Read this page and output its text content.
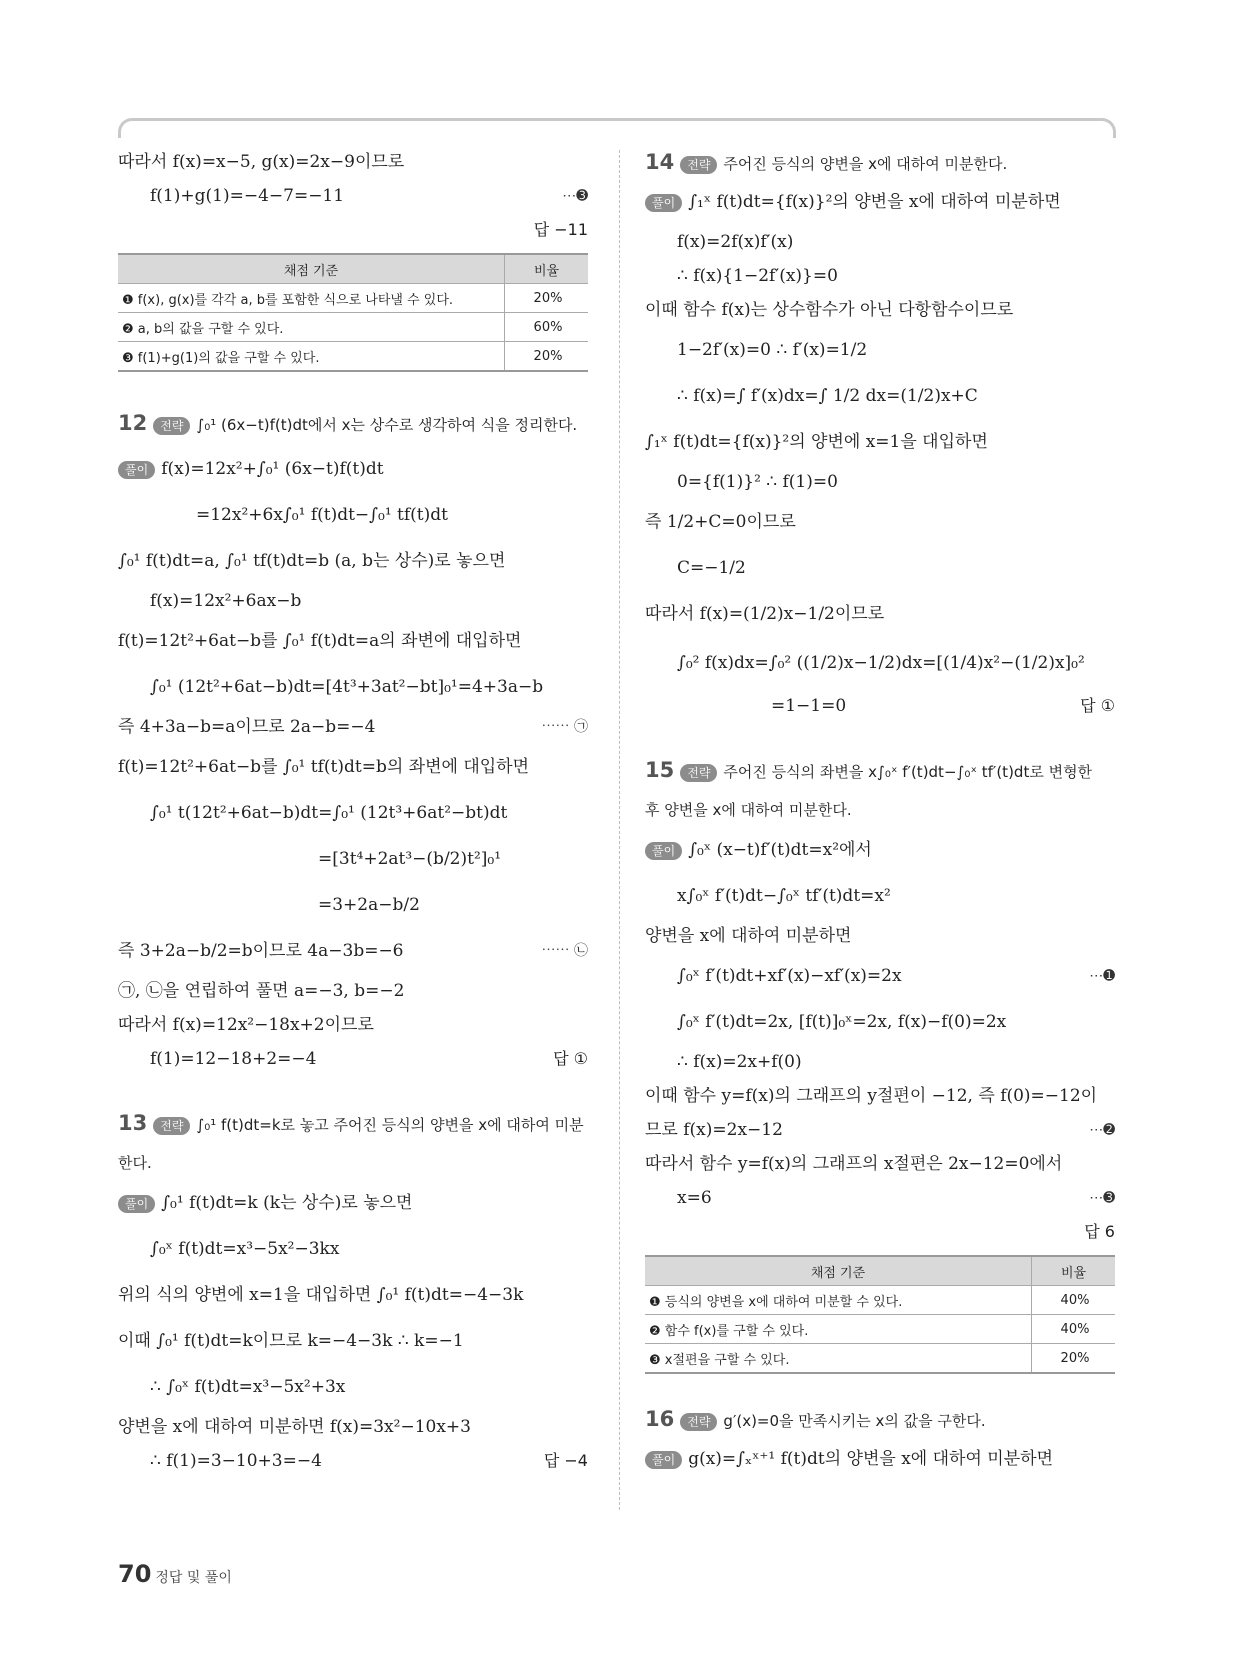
따라서 f(x)=x−5, g(x)=2x−9이므로
f(1)+g(1)=−4−7=−11	⋯➌
답 −11
채점 기준	비율
❶ f(x), g(x)를 각각 a, b를 포함한 식으로 나타낼 수 있다.	20%
❷ a, b의 값을 구할 수 있다.	60%
❸ f(1)+g(1)의 값을 구할 수 있다.	20%
12 전략 ∫₀¹ (6x−t)f(t)dt에서 x는 상수로 생각하여 식을 정리한다.
풀이 f(x)=12x²+∫₀¹ (6x−t)f(t)dt
=12x²+6x∫₀¹ f(t)dt−∫₀¹ tf(t)dt
∫₀¹ f(t)dt=a, ∫₀¹ tf(t)dt=b (a, b는 상수)로 놓으면
f(x)=12x²+6ax−b
f(t)=12t²+6at−b를 ∫₀¹ f(t)dt=a의 좌변에 대입하면
∫₀¹ (12t²+6at−b)dt=[4t³+3at²−bt]₀¹=4+3a−b
즉 4+3a−b=a이므로 2a−b=−4	⋯⋯ ㉠
f(t)=12t²+6at−b를 ∫₀¹ tf(t)dt=b의 좌변에 대입하면
∫₀¹ t(12t²+6at−b)dt=∫₀¹ (12t³+6at²−bt)dt
=[3t⁴+2at³−(b/2)t²]₀¹
=3+2a−b/2
즉 3+2a−b/2=b이므로 4a−3b=−6	⋯⋯ ㉡
㉠, ㉡을 연립하여 풀면 a=−3, b=−2
따라서 f(x)=12x²−18x+2이므로
f(1)=12−18+2=−4	답 ①
13 전략 ∫₀¹ f(t)dt=k로 놓고 주어진 등식의 양변을 x에 대하여 미분
한다.
풀이 ∫₀¹ f(t)dt=k (k는 상수)로 놓으면
∫₀ˣ f(t)dt=x³−5x²−3kx
위의 식의 양변에 x=1을 대입하면 ∫₀¹ f(t)dt=−4−3k
이때 ∫₀¹ f(t)dt=k이므로 k=−4−3k ∴ k=−1
∴ ∫₀ˣ f(t)dt=x³−5x²+3x
양변을 x에 대하여 미분하면 f(x)=3x²−10x+3
∴ f(1)=3−10+3=−4	답 −4
14 전략 주어진 등식의 양변을 x에 대하여 미분한다.
풀이 ∫₁ˣ f(t)dt={f(x)}²의 양변을 x에 대하여 미분하면
f(x)=2f(x)f′(x)
∴ f(x){1−2f′(x)}=0
이때 함수 f(x)는 상수함수가 아닌 다항함수이므로
1−2f′(x)=0 ∴ f′(x)=1/2
∴ f(x)=∫ f′(x)dx=∫ 1/2 dx=(1/2)x+C
∫₁ˣ f(t)dt={f(x)}²의 양변에 x=1을 대입하면
0={f(1)}² ∴ f(1)=0
즉 1/2+C=0이므로
C=−1/2
따라서 f(x)=(1/2)x−1/2이므로
∫₀² f(x)dx=∫₀² ((1/2)x−1/2)dx=[(1/4)x²−(1/2)x]₀²
=1−1=0	답 ①
15 전략 주어진 등식의 좌변을 x∫₀ˣ f′(t)dt−∫₀ˣ tf′(t)dt로 변형한
후 양변을 x에 대하여 미분한다.
풀이 ∫₀ˣ (x−t)f′(t)dt=x²에서
x∫₀ˣ f′(t)dt−∫₀ˣ tf′(t)dt=x²
양변을 x에 대하여 미분하면
∫₀ˣ f′(t)dt+xf′(x)−xf′(x)=2x	⋯➊
∫₀ˣ f′(t)dt=2x, [f(t)]₀ˣ=2x, f(x)−f(0)=2x
∴ f(x)=2x+f(0)
이때 함수 y=f(x)의 그래프의 y절편이 −12, 즉 f(0)=−12이
므로 f(x)=2x−12	⋯➋
따라서 함수 y=f(x)의 그래프의 x절편은 2x−12=0에서
x=6	⋯➌
답 6
채점 기준	비율
❶ 등식의 양변을 x에 대하여 미분할 수 있다.	40%
❷ 함수 f(x)를 구할 수 있다.	40%
❸ x절편을 구할 수 있다.	20%
16 전략 g′(x)=0을 만족시키는 x의 값을 구한다.
풀이 g(x)=∫ₓˣ⁺¹ f(t)dt의 양변을 x에 대하여 미분하면
70 정답 및 풀이
